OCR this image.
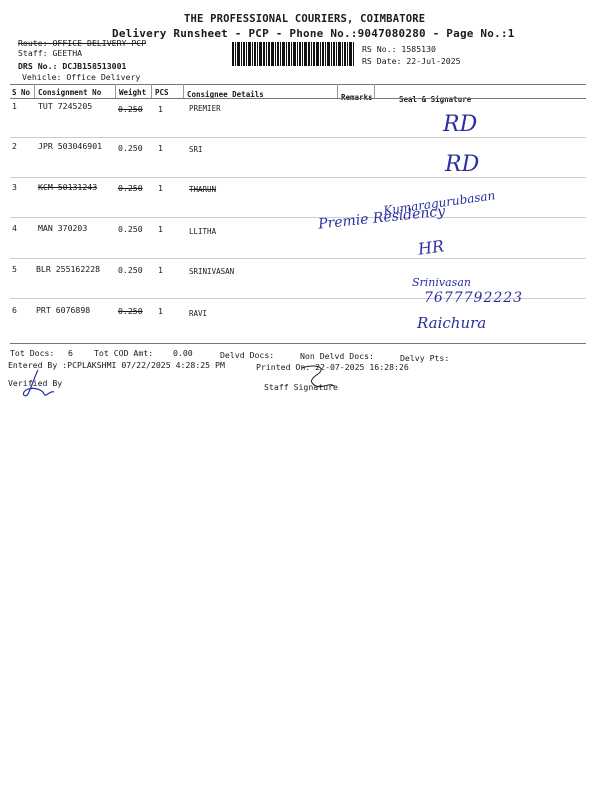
THE PROFESSIONAL COURIERS, COIMBATORE
Delivery Runsheet - PCP - Phone No.:9047080280 - Page No.:1
Route: OFFICE DELIVERY PCP
Staff: GEETHA
DRS No.: DCJB158513001
Vehicle: Office Delivery
RS No.: 1585130
RS Date: 22-Jul-2025
S No Consignment No Weight PCS Consignee Details	Remarks	Seal & Signature
1	TUT 7245205	0.250 1	PREMIER
2	JPR 503046901 0.250 1	SRI
3	KCM 50131243	0.250 1	THARUN
4	MAN 370203	0.250 1	LLITHA
5 BLR 255162228 0.250 1	SRINIVASAN
6 PRT 6076898	0.250 1	RAVI
RD
RD
Kumaragurubasan
Premie Residency
HR
Srinivasan
7677792223
Raichura
Tot Docs: 6	Tot COD Amt: 0.00	Delvd Docs:	Non Delvd Docs:	Delvy Pts:
Entered By :PCPLAKSHMI 07/22/2025 4:28:25 PM	Printed On: 22-07-2025 16:28:26
Verified By	Staff Signature
